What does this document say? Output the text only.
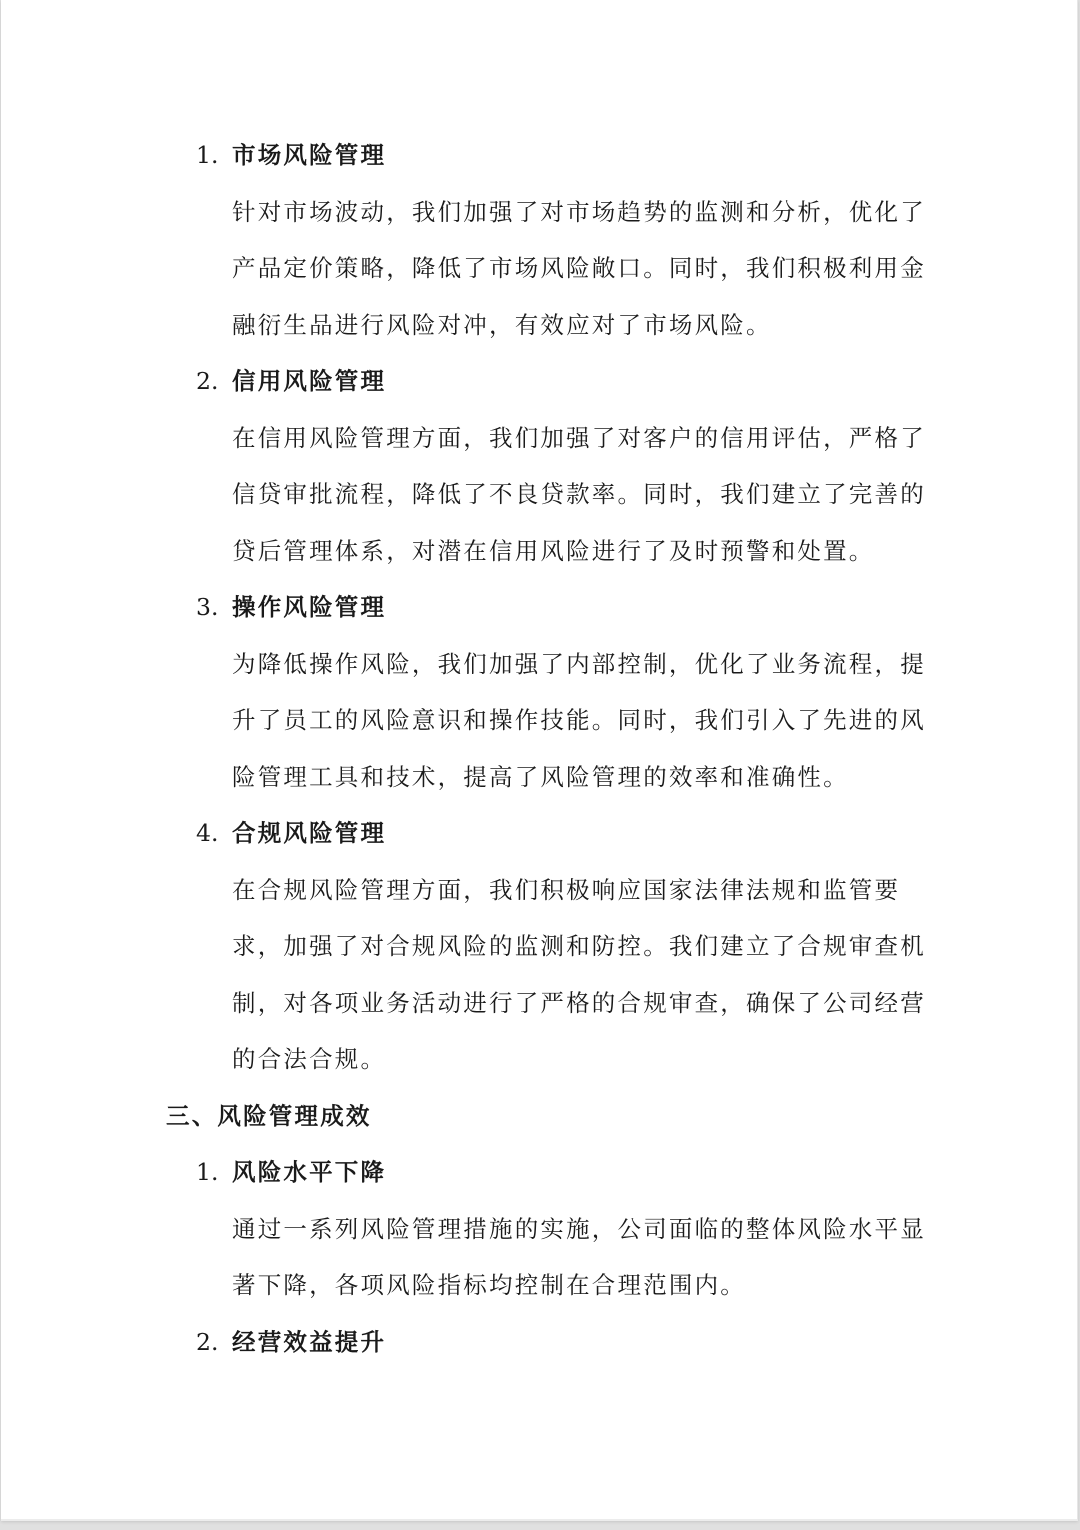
1. 市场风险管理
针对市场波动，我们加强了对市场趋势的监测和分析，优化了
产品定价策略，降低了市场风险敞口。同时，我们积极利用金
融衍生品进行风险对冲，有效应对了市场风险。
2. 信用风险管理
在信用风险管理方面，我们加强了对客户的信用评估，严格了
信贷审批流程，降低了不良贷款率。同时，我们建立了完善的
贷后管理体系，对潜在信用风险进行了及时预警和处置。
3. 操作风险管理
为降低操作风险，我们加强了内部控制，优化了业务流程，提
升了员工的风险意识和操作技能。同时，我们引入了先进的风
险管理工具和技术，提高了风险管理的效率和准确性。
4. 合规风险管理
在合规风险管理方面，我们积极响应国家法律法规和监管要
求，加强了对合规风险的监测和防控。我们建立了合规审查机
制，对各项业务活动进行了严格的合规审查，确保了公司经营
的合法合规。
三、风险管理成效
1. 风险水平下降
通过一系列风险管理措施的实施，公司面临的整体风险水平显
著下降，各项风险指标均控制在合理范围内。
2. 经营效益提升
